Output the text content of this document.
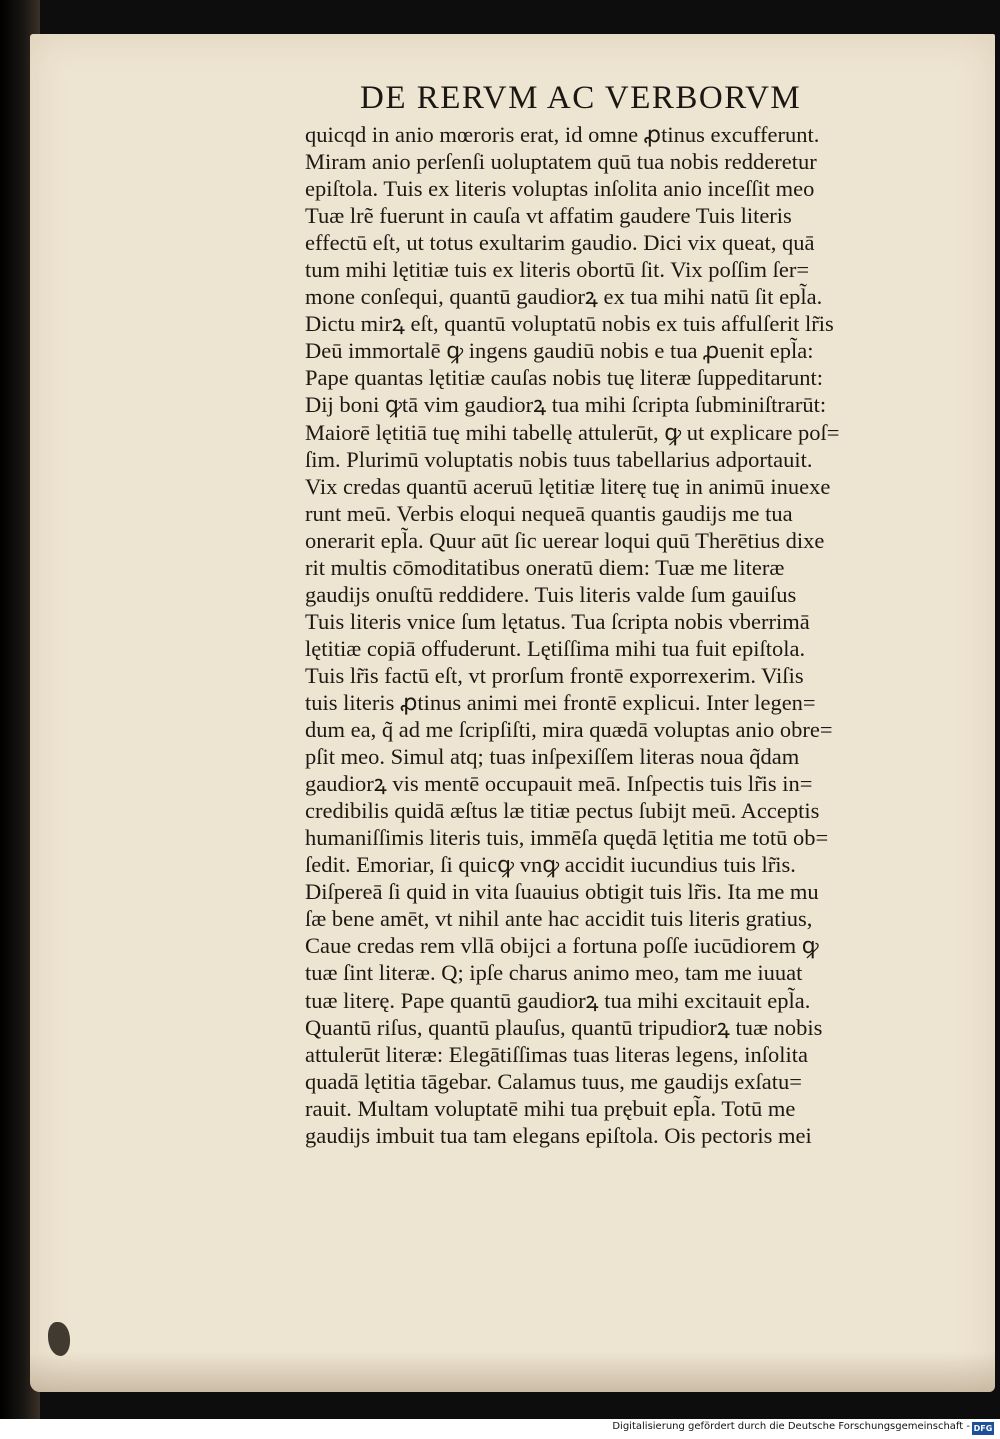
DE RERVM AC VERBORVM
quicqd in anio mœroris erat, id omne ꝓtinus excufferunt.
Miram anio perſenſi uoluptatem quū tua nobis redderetur
epiſtola. Tuis ex literis voluptas inſolita anio inceſſit meo
Tuæ lrẽ fuerunt in cauſa vt affatim gaudere Tuis literis
effectū eſt, ut totus exultarim gaudio. Dici vix queat, quā
tum mihi lętitiæ tuis ex literis obortū ſit. Vix poſſim ſer=
mone conſequi, quantū gaudiorꝝ ex tua mihi natū ſit epl̃a.
Dictu mirꝝ eſt, quantū voluptatū nobis ex tuis affulſerit lr̃is
Deū immortalē ꝙ ingens gaudiū nobis e tua ꝓuenit epl̃a:
Pape quantas lętitiæ cauſas nobis tuę literæ ſuppeditarunt:
Dij boni ꝙtā vim gaudiorꝝ tua mihi ſcripta ſubminiſtrarūt:
Maiorē lętitiā tuę mihi tabellę attulerūt, ꝙ ut explicare poſ=
ſim. Plurimū voluptatis nobis tuus tabellarius adportauit.
Vix credas quantū aceruū lętitiæ literę tuę in animū inuexe
runt meū. Verbis eloqui nequeā quantis gaudijs me tua
onerarit epl̃a. Quur aūt ſic uerear loqui quū Therētius dixe
rit multis cōmoditatibus oneratū diem: Tuæ me literæ
gaudijs onuſtū reddidere. Tuis literis valde ſum gauiſus
Tuis literis vnice ſum lętatus. Tua ſcripta nobis vberrimā
lętitiæ copiā offuderunt. Lętiſſima mihi tua fuit epiſtola.
Tuis lr̃is factū eſt, vt prorſum frontē exporrexerim. Viſis
tuis literis ꝓtinus animi mei frontē explicui. Inter legen=
dum ea, q̃ ad me ſcripſiſti, mira quædā voluptas anio obre=
pſit meo. Simul atq; tuas inſpexiſſem literas noua q̃dam
gaudiorꝝ vis mentē occupauit meā. Inſpectis tuis lr̃is in=
credibilis quidā æſtus læ titiæ pectus ſubijt meū. Acceptis
humaniſſimis literis tuis, immēſa quędā lętitia me totū ob=
ſedit. Emoriar, ſi quicꝙ vnꝙ accidit iucundius tuis lr̃is.
Diſpereā ſi quid in vita ſuauius obtigit tuis lr̃is. Ita me mu
ſæ bene amēt, vt nihil ante hac accidit tuis literis gratius,
Caue credas rem vllā obijci a fortuna poſſe iucūdiorem ꝙ
tuæ ſint literæ. Q; ipſe charus animo meo, tam me iuuat
tuæ literę. Pape quantū gaudiorꝝ tua mihi excitauit epl̃a.
Quantū riſus, quantū plauſus, quantū tripudiorꝝ tuæ nobis
attulerūt literæ: Elegātiſſimas tuas literas legens, inſolita
quadā lętitia tāgebar. Calamus tuus, me gaudijs exſatu=
rauit. Multam voluptatē mihi tua prębuit epl̃a. Totū me
gaudijs imbuit tua tam elegans epiſtola. Ois pectoris mei
Digitalisierung gefördert durch die Deutsche Forschungsgemeinschaft - DFG
